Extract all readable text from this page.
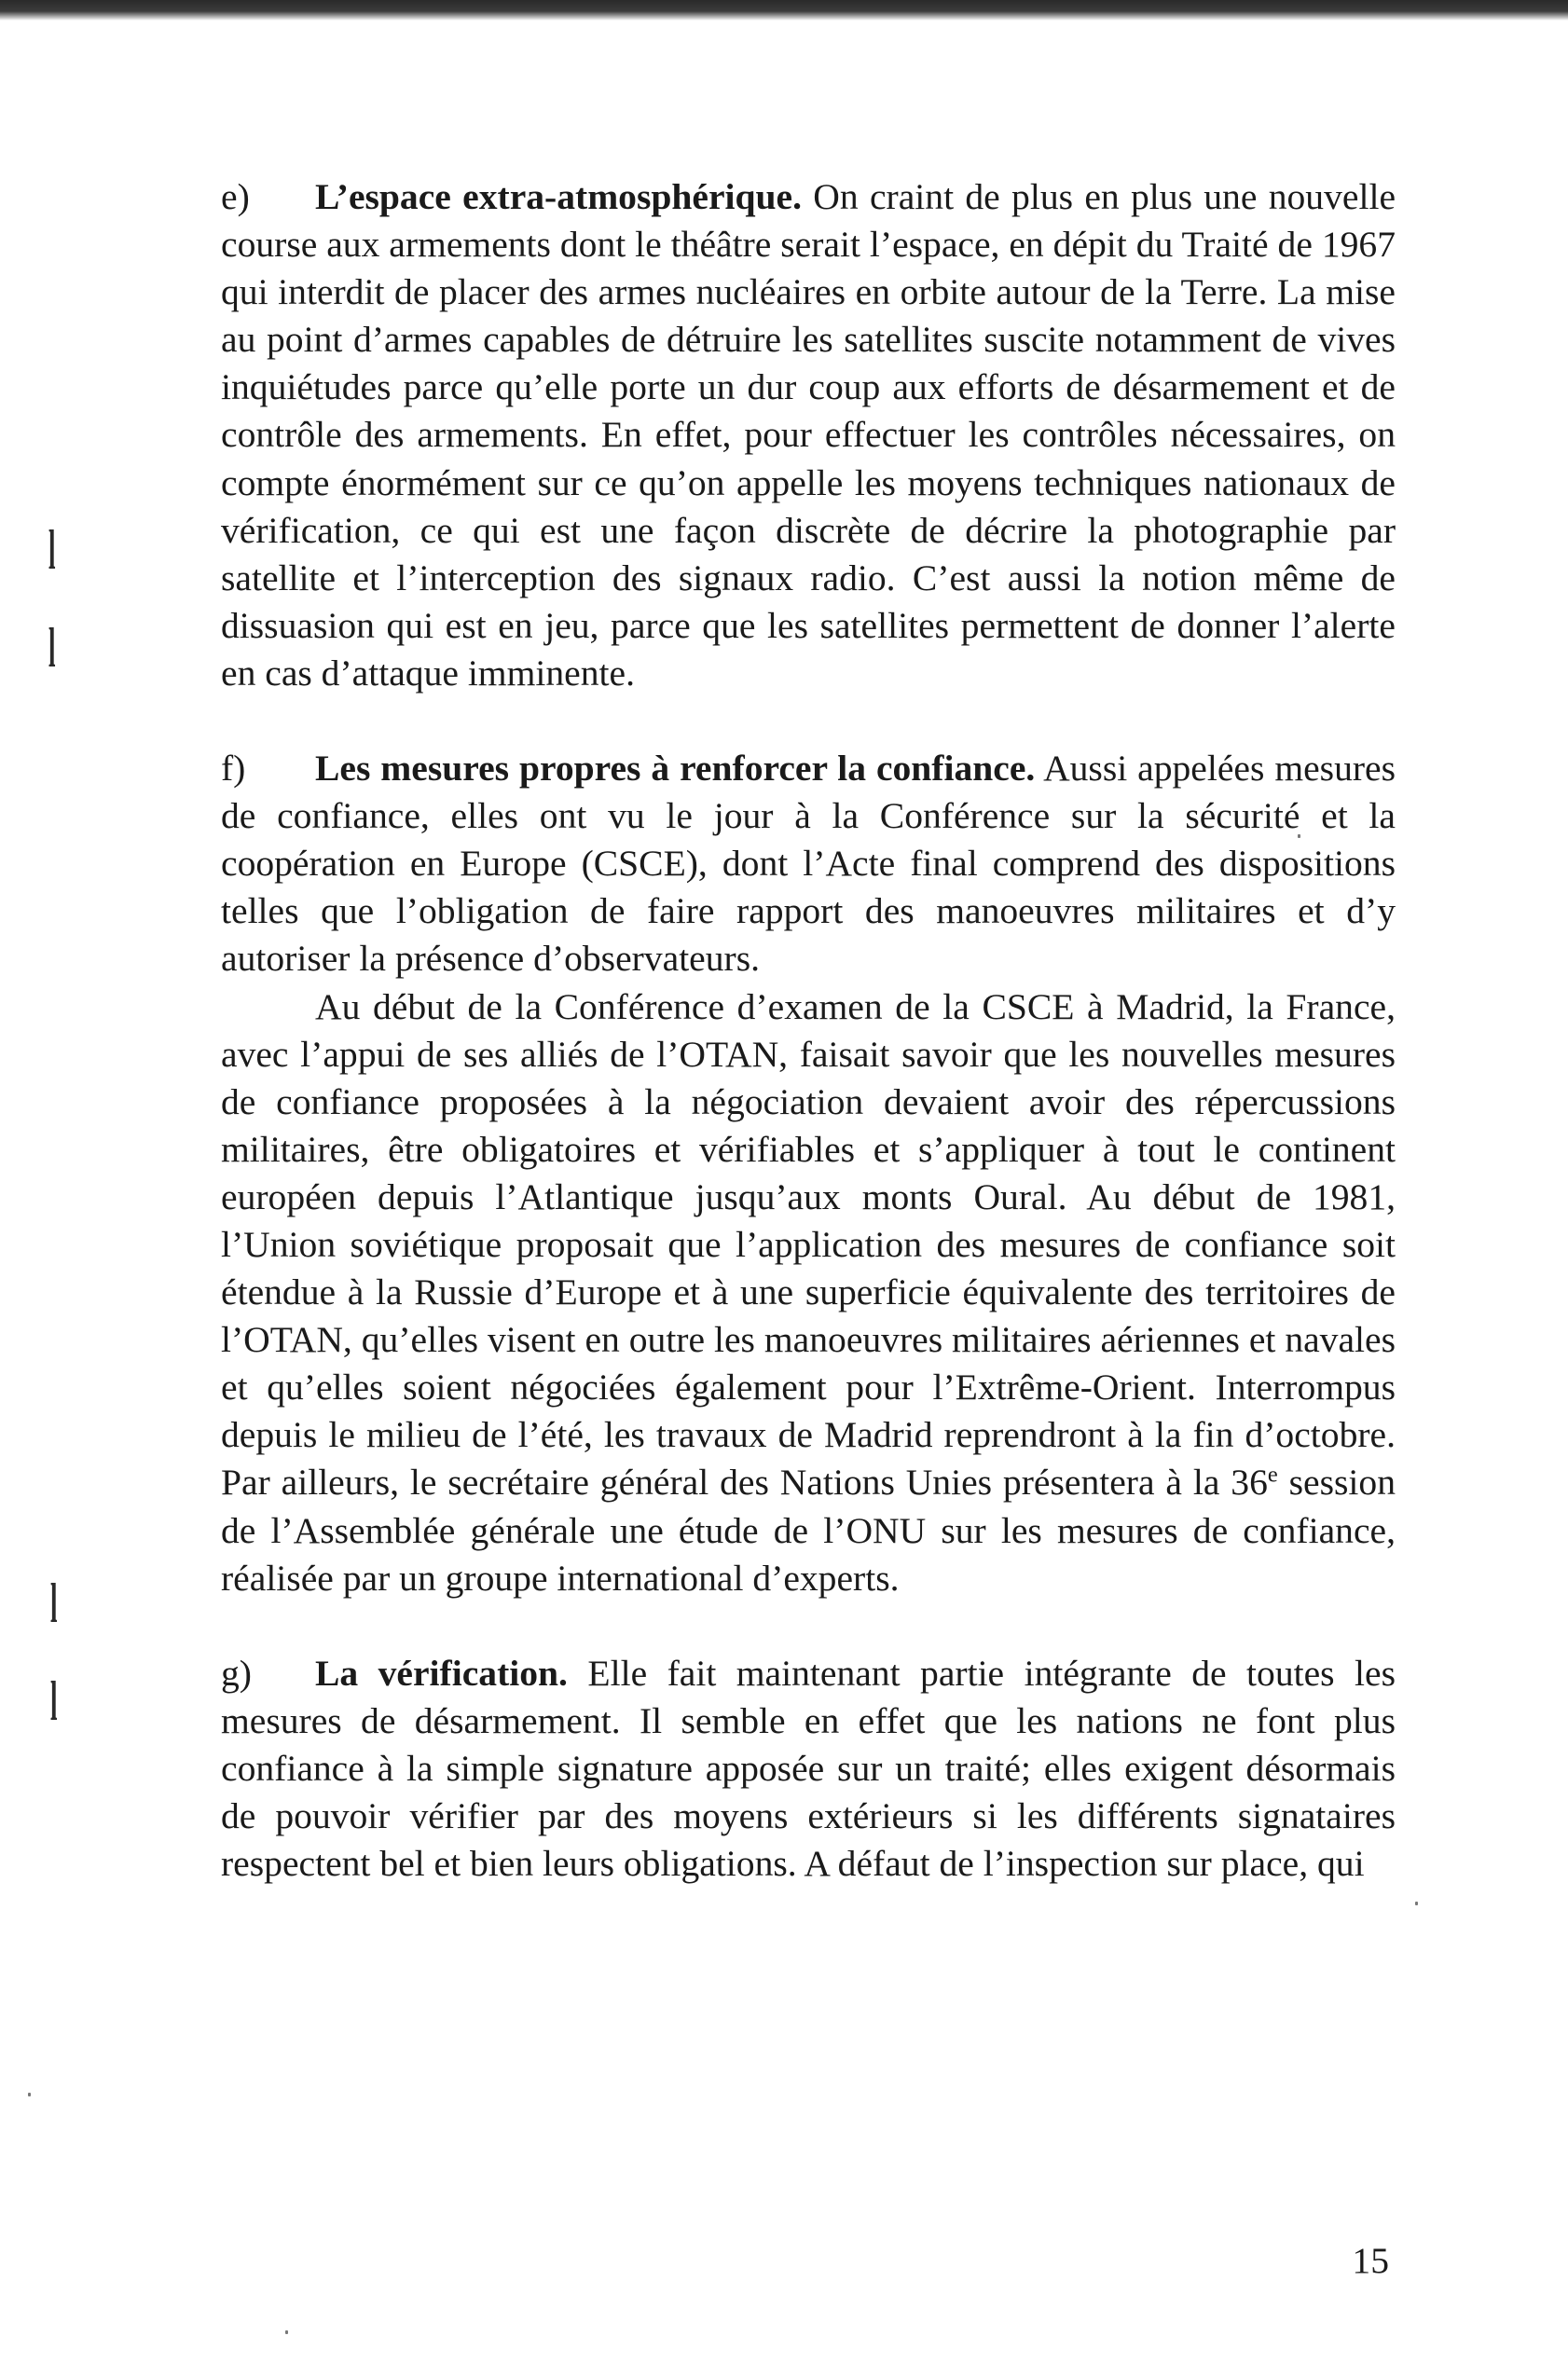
l
l
l
l

e) L’espace extra-atmosphérique. On craint de plus en plus une nouvelle course aux armements dont le théâtre serait l’espace, en dépit du Traité de 1967 qui interdit de placer des armes nucléaires en orbite autour de la Terre. La mise au point d’armes capables de détruire les satellites suscite notamment de vives inquiétudes parce qu’elle porte un dur coup aux efforts de désarmement et de contrôle des armements. En effet, pour effectuer les contrôles nécessaires, on compte énormément sur ce qu’on appelle les moyens techniques nationaux de vérification, ce qui est une façon discrète de décrire la photographie par satellite et l’interception des signaux radio. C’est aussi la notion même de dissuasion qui est en jeu, parce que les satellites permettent de donner l’alerte en cas d’attaque imminente.

f) Les mesures propres à renforcer la confiance. Aussi appelées mesures de confiance, elles ont vu le jour à la Conférence sur la sécurité et la coopération en Europe (CSCE), dont l’Acte final comprend des dispositions telles que l’obligation de faire rapport des manoeuvres militaires et d’y autoriser la présence d’observateurs.

Au début de la Conférence d’examen de la CSCE à Madrid, la France, avec l’appui de ses alliés de l’OTAN, faisait savoir que les nouvelles mesures de confiance proposées à la négociation devaient avoir des répercussions militaires, être obligatoires et vérifiables et s’appliquer à tout le continent européen depuis l’Atlantique jusqu’aux monts Oural. Au début de 1981, l’Union soviétique proposait que l’application des mesures de confiance soit étendue à la Russie d’Europe et à une superficie équivalente des territoires de l’OTAN, qu’elles visent en outre les manoeuvres militaires aériennes et navales et qu’elles soient négociées également pour l’Extrême-Orient. Interrompus depuis le milieu de l’été, les travaux de Madrid reprendront à la fin d’octobre. Par ailleurs, le secrétaire général des Nations Unies présentera à la 36e session de l’Assemblée générale une étude de l’ONU sur les mesures de confiance, réalisée par un groupe international d’experts.

g) La vérification. Elle fait maintenant partie intégrante de toutes les mesures de désarmement. Il semble en effet que les nations ne font plus confiance à la simple signature apposée sur un traité; elles exigent désormais de pouvoir vérifier par des moyens extérieurs si les différents signataires respectent bel et bien leurs obligations. A défaut de l’inspection sur place, qui

15
